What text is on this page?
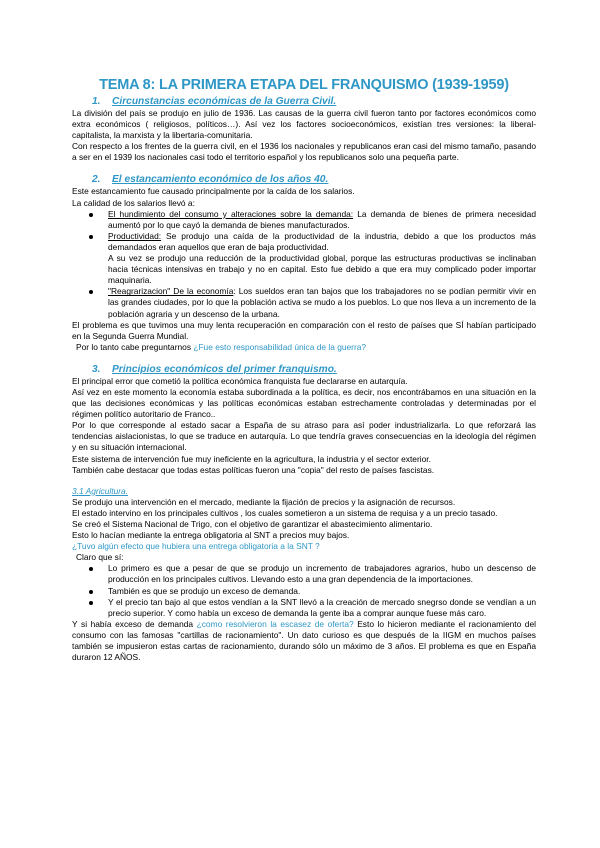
TEMA 8: LA PRIMERA ETAPA DEL FRANQUISMO (1939-1959)
1. Circunstancias económicas de la Guerra Civil.

La división del país se produjo en julio de 1936. Las causas de la guerra civil fueron tanto por factores económicos como extra económicos ( religiosos, políticos…). Así vez los factores socioeconómicos, existían tres versiones: la liberal-capitalista, la marxista y la libertaria-comunitaria.

Con respecto a los frentes de la guerra civil, en el 1936 los nacionales y republicanos eran casi del mismo tamaño, pasando a ser en el 1939 los nacionales casi todo el territorio español y los republicanos solo una pequeña parte.

2. El estancamiento económico de los años 40.

Este estancamiento fue causado principalmente por la caída de los salarios.

La calidad de los salarios llevó a:

El hundimiento del consumo y alteraciones sobre la demanda: La demanda de bienes de primera necesidad aumentó por lo que cayó la demanda de bienes manufacturados.
Productividad: Se produjo una caída de la productividad de la industria, debido a que los productos más demandados eran aquellos que eran de baja productividad.

A su vez se produjo una reducción de la productividad global, porque las estructuras productivas se inclinaban hacia técnicas intensivas en trabajo y no en capital. Esto fue debido a que era muy complicado poder importar maquinaria.

"Reagrarizacion" De la economía: Los sueldos eran tan bajos que los trabajadores no se podían permitir vivir en las grandes ciudades, por lo que la población activa se mudo a los pueblos. Lo que nos lleva a un incremento de la población agraria y un descenso de la urbana.

El problema es que tuvimos una muy lenta recuperación en comparación con el resto de países que SÍ habían participado en la Segunda Guerra Mundial.

Por lo tanto cabe preguntarnos ¿Fue esto responsabilidad única de la guerra?

3. Principios económicos del primer franquismo.

El principal error que cometió la política económica franquista fue declararse en autarquía.

Así vez en este momento la economía estaba subordinada a la política, es decir, nos encontrábamos en una situación en la que las decisiones económicas y las políticas económicas estaban estrechamente controladas y determinadas por el régimen político autoritario de Franco..

Por lo que corresponde al estado sacar a España de su atraso para así poder industrializarla. Lo que reforzará las tendencias aislacionistas, lo que se traduce en autarquía. Lo que tendría graves consecuencias en la ideología del régimen y en su situación internacional.

Este sistema de intervención fue muy ineficiente en la agricultura, la industria y el sector exterior.

También cabe destacar que todas estas políticas fueron una "copia" del resto de países fascistas.

3.1 Agricultura.

Se produjo una intervención en el mercado, mediante la fijación de precios y la asignación de recursos.

El estado intervino en los principales cultivos , los cuales sometieron a un sistema de requisa y a un precio tasado.

Se creó el Sistema Nacional de Trigo, con el objetivo de garantizar el abastecimiento alimentario.

Esto lo hacían mediante la entrega obligatoria al SNT a precios muy bajos.

¿Tuvo algún efecto que hubiera una entrega obligatoria a la SNT ?

Claro que sí:

Lo primero es que a pesar de que se produjo un incremento de trabajadores agrarios, hubo un descenso de producción en los principales cultivos. Llevando esto a una gran dependencia de la importaciones.
También es que se produjo un exceso de demanda.
Y el precio tan bajo al que estos vendían a la SNT llevó a la creación de mercado snegrso donde se vendían a un precio superior. Y como había un exceso de demanda la gente iba a comprar aunque fuese más caro.

Y si había exceso de demanda ¿como resolvieron la escasez de oferta? Esto lo hicieron mediante el racionamiento del consumo con las famosas "cartillas de racionamiento". Un dato curioso es que después de la IIGM en muchos países también se impusieron estas cartas de racionamiento, durando sólo un máximo de 3 años. El problema es que en España duraron 12 AÑOS.
